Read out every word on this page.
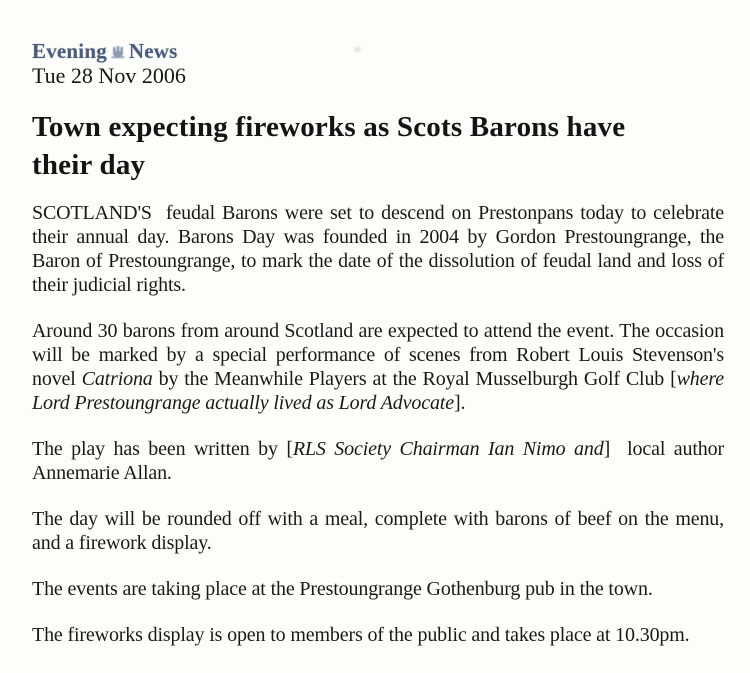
Evening News
Tue 28 Nov 2006
Town expecting fireworks as Scots Barons have their day

SCOTLAND'S  feudal Barons were set to descend on Prestonpans today to celebrate their annual day. Barons Day was founded in 2004 by Gordon Prestoungrange, the Baron of Prestoungrange, to mark the date of the dissolution of feudal land and loss of their judicial rights.

Around 30 barons from around Scotland are expected to attend the event. The occasion will be marked by a special performance of scenes from Robert Louis Stevenson's novel Catriona by the Meanwhile Players at the Royal Musselburgh Golf Club [where Lord Prestoungrange actually lived as Lord Advocate].

The play has been written by [RLS Society Chairman Ian Nimo and]  local author Annemarie Allan.

The day will be rounded off with a meal, complete with barons of beef on the menu, and a firework display.

The events are taking place at the Prestoungrange Gothenburg pub in the town.

The fireworks display is open to members of the public and takes place at 10.30pm.
